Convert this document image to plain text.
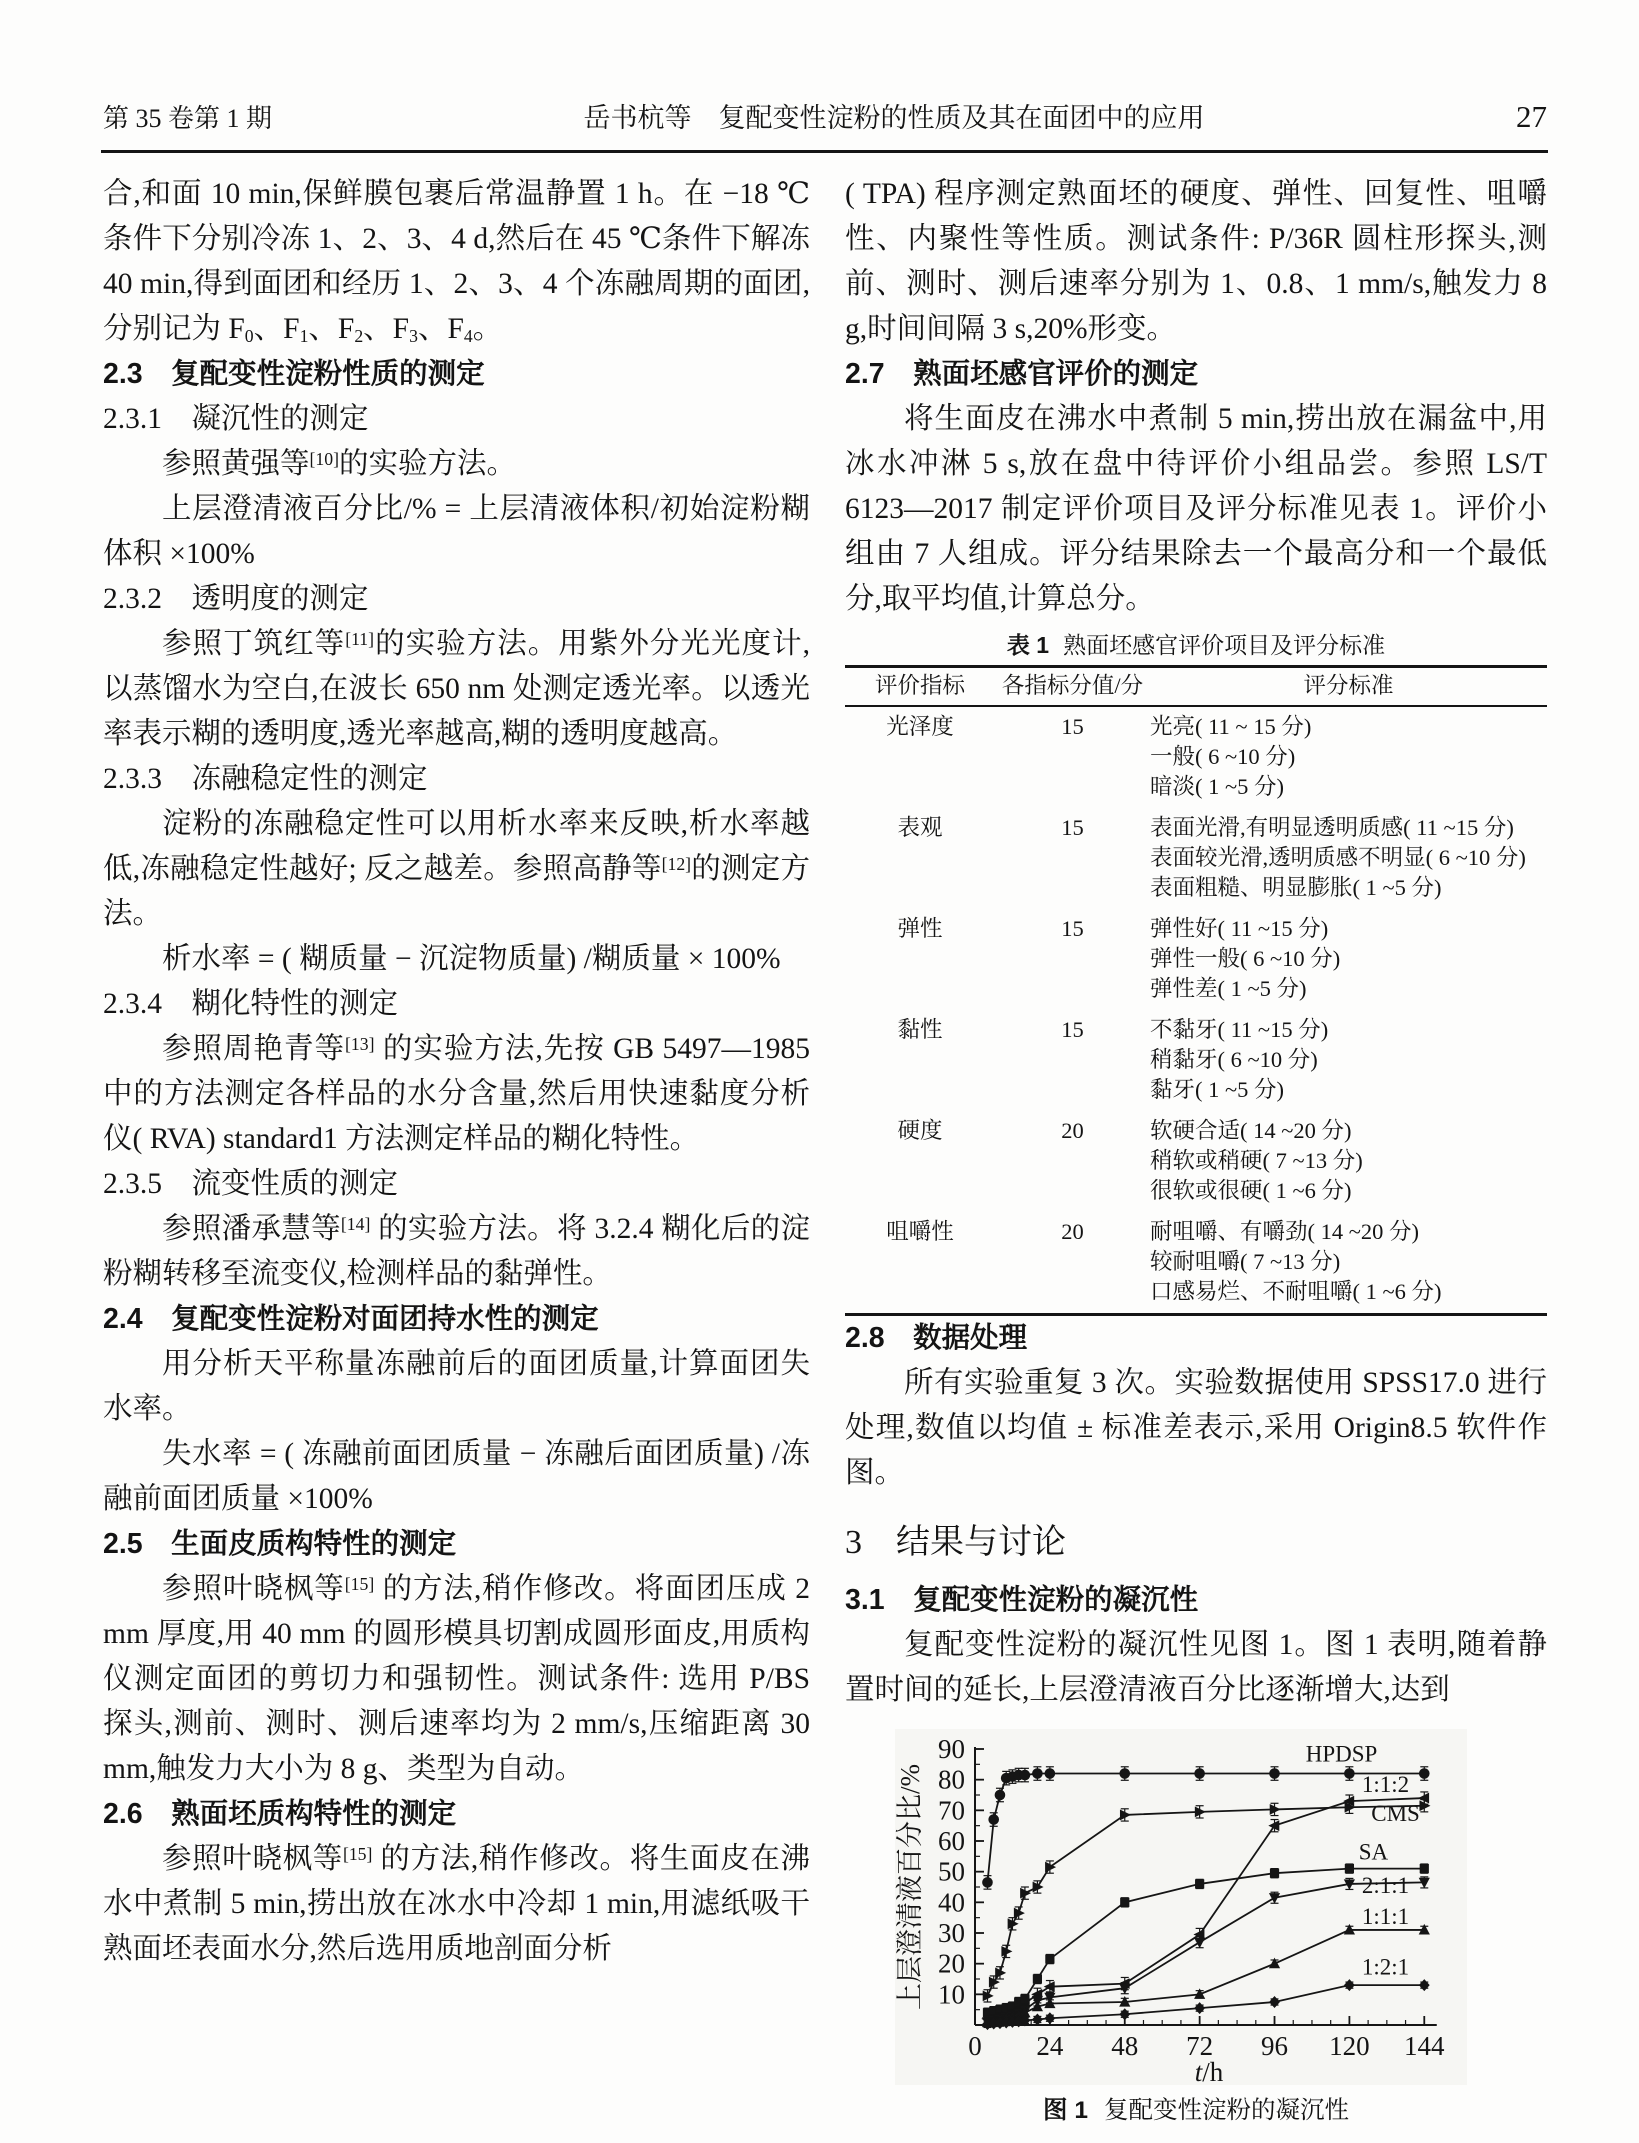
第 35 卷第 1 期	岳书杭等　复配变性淀粉的性质及其在面团中的应用	27

合,和面 10 min,保鲜膜包裹后常温静置 1 h。在 −18 ℃条件下分别冷冻 1、2、3、4 d,然后在 45 ℃条件下解冻 40 min,得到面团和经历 1、2、3、4 个冻融周期的面团,分别记为 $F_0$、$F_1$、$F_2$、$F_3$、$F_4$。

2.3　复配变性淀粉性质的测定
2.3.1　凝沉性的测定

参照黄强等[10]的实验方法。

上层澄清液百分比/% = 上层清液体积/初始淀粉糊体积 ×100%

2.3.2　透明度的测定

参照丁筑红等[11]的实验方法。用紫外分光光度计,以蒸馏水为空白,在波长 650 nm 处测定透光率。以透光率表示糊的透明度,透光率越高,糊的透明度越高。

2.3.3　冻融稳定性的测定

淀粉的冻融稳定性可以用析水率来反映,析水率越低,冻融稳定性越好; 反之越差。参照高静等[12]的测定方法。

析水率 = ( 糊质量 − 沉淀物质量) /糊质量 × 100%

2.3.4　糊化特性的测定

参照周艳青等[13] 的实验方法,先按 GB 5497—1985 中的方法测定各样品的水分含量,然后用快速黏度分析仪( RVA) standard1 方法测定样品的糊化特性。

2.3.5　流变性质的测定

参照潘承慧等[14] 的实验方法。将 3.2.4 糊化后的淀粉糊转移至流变仪,检测样品的黏弹性。

2.4　复配变性淀粉对面团持水性的测定

用分析天平称量冻融前后的面团质量,计算面团失水率。

失水率 = ( 冻融前面团质量 − 冻融后面团质量) /冻融前面团质量 ×100%

2.5　生面皮质构特性的测定

参照叶晓枫等[15] 的方法,稍作修改。将面团压成 2 mm 厚度,用 40 mm 的圆形模具切割成圆形面皮,用质构仪测定面团的剪切力和强韧性。测试条件: 选用 P/BS 探头,测前、测时、测后速率均为 2 mm/s,压缩距离 30 mm,触发力大小为 8 g、类型为自动。

2.6　熟面坯质构特性的测定

参照叶晓枫等[15] 的方法,稍作修改。将生面皮在沸水中煮制 5 min,捞出放在冰水中冷却 1 min,用滤纸吸干熟面坯表面水分,然后选用质地剖面分析

( TPA) 程序测定熟面坯的硬度、弹性、回复性、咀嚼性、内聚性等性质。测试条件: P/36R 圆柱形探头,测前、测时、测后速率分别为 1、0.8、1 mm/s,触发力 8 g,时间间隔 3 s,20%形变。

2.7　熟面坯感官评价的测定

将生面皮在沸水中煮制 5 min,捞出放在漏盆中,用冰水冲淋 5 s,放在盘中待评价小组品尝。参照 LS/T 6123—2017 制定评价项目及评分标准见表 1。评价小组由 7 人组成。评分结果除去一个最高分和一个最低分,取平均值,计算总分。

表 1 熟面坯感官评价项目及评分标准
评价指标	各指标分值/分	评分标准
光泽度	15	光亮( 11 ~ 15 分)
一般( 6 ~10 分)
暗淡( 1 ~5 分)

表观	15	表面光滑,有明显透明质感( 11 ~15 分)
表面较光滑,透明质感不明显( 6 ~10 分)
表面粗糙、明显膨胀( 1 ~5 分)

弹性	15	弹性好( 11 ~15 分)
弹性一般( 6 ~10 分)
弹性差( 1 ~5 分)

黏性	15	不黏牙( 11 ~15 分)
稍黏牙( 6 ~10 分)
黏牙( 1 ~5 分)

硬度	20	软硬合适( 14 ~20 分)
稍软或稍硬( 7 ~13 分)
很软或很硬( 1 ~6 分)

咀嚼性	20	耐咀嚼、有嚼劲( 14 ~20 分)
较耐咀嚼( 7 ~13 分)
口感易烂、不耐咀嚼( 1 ~6 分)
2.8　数据处理

所有实验重复 3 次。实验数据使用 SPSS17.0 进行处理,数值以均值 ± 标准差表示,采用 Origin8.5 软件作图。

3　结果与讨论
3.1　复配变性淀粉的凝沉性

复配变性淀粉的凝沉性见图 1。图 1 表明,随着静置时间的延长,上层澄清液百分比逐渐增大,达到

0 24 48 72 96 120 144
10
20
30
40
50
60
70
80
90
t/h
上层澄清液百分比/%
HPDSP
1:1:2
CMS
SA
2:1:1
1:1:1
1:2:1
图 1 复配变性淀粉的凝沉性
